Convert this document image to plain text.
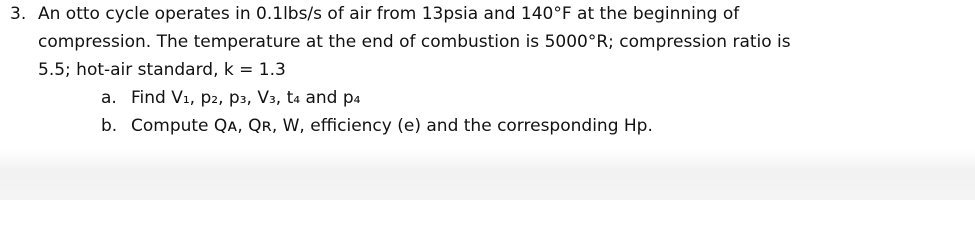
3. An otto cycle operates in 0.1lbs/s of air from 13psia and 140°F at the beginning of
compression. The temperature at the end of combustion is 5000°R; compression ratio is
5.5; hot-air standard, k = 1.3
a. Find V₁, p₂, p₃, V₃, t₄ and p₄
b. Compute Qᴀ, Qʀ, W, efficiency (e) and the corresponding Hp.
